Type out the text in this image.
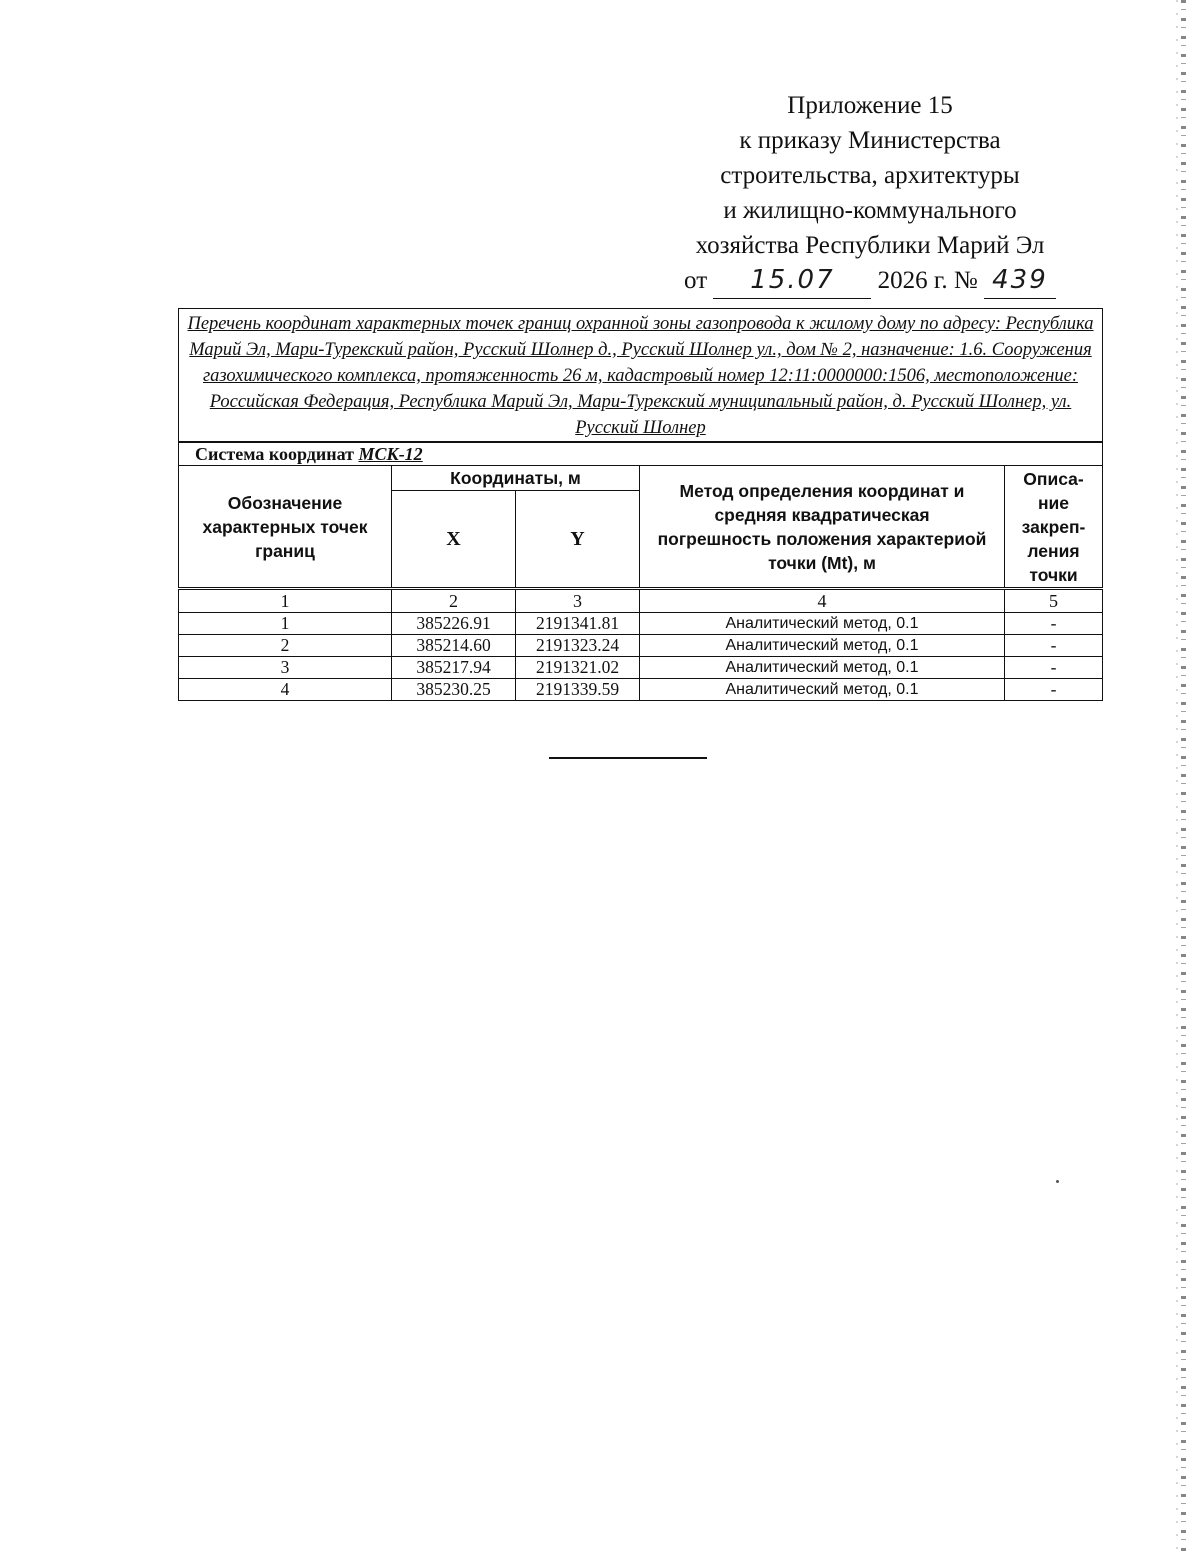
Приложение 15
к приказу Министерства
строительства, архитектуры
и жилищно-коммунального
хозяйства Республики Марий Эл
от 15.07 2026 г. № 439
Перечень координат характерных точек границ охранной зоны газопровода к жилому дому по адресу: Республика Марий Эл, Мари-Турекский район, Русский Шолнер д., Русский Шолнер ул., дом № 2, назначение: 1.6. Сооружения газохимического комплекса, протяженность 26 м, кадастровый номер 12:11:0000000:1506, местоположение: Российская Федерация, Республика Марий Эл, Мари-Турекский муниципальный район, д. Русский Шолнер, ул. Русский Шолнер				
Система координат МСК-12				
Обозначение характерных точек границ	Координаты, м		Метод определения координат и средняя квадратическая погрешность положения характериой точки (Mt), м	Описа-ние закреп-ления точки
	X	Y		
1	2	3	4	5
1	385226.91	2191341.81	Аналитический метод, 0.1	-
2	385214.60	2191323.24	Аналитический метод, 0.1	-
3	385217.94	2191321.02	Аналитический метод, 0.1	-
4	385230.25	2191339.59	Аналитический метод, 0.1	-
